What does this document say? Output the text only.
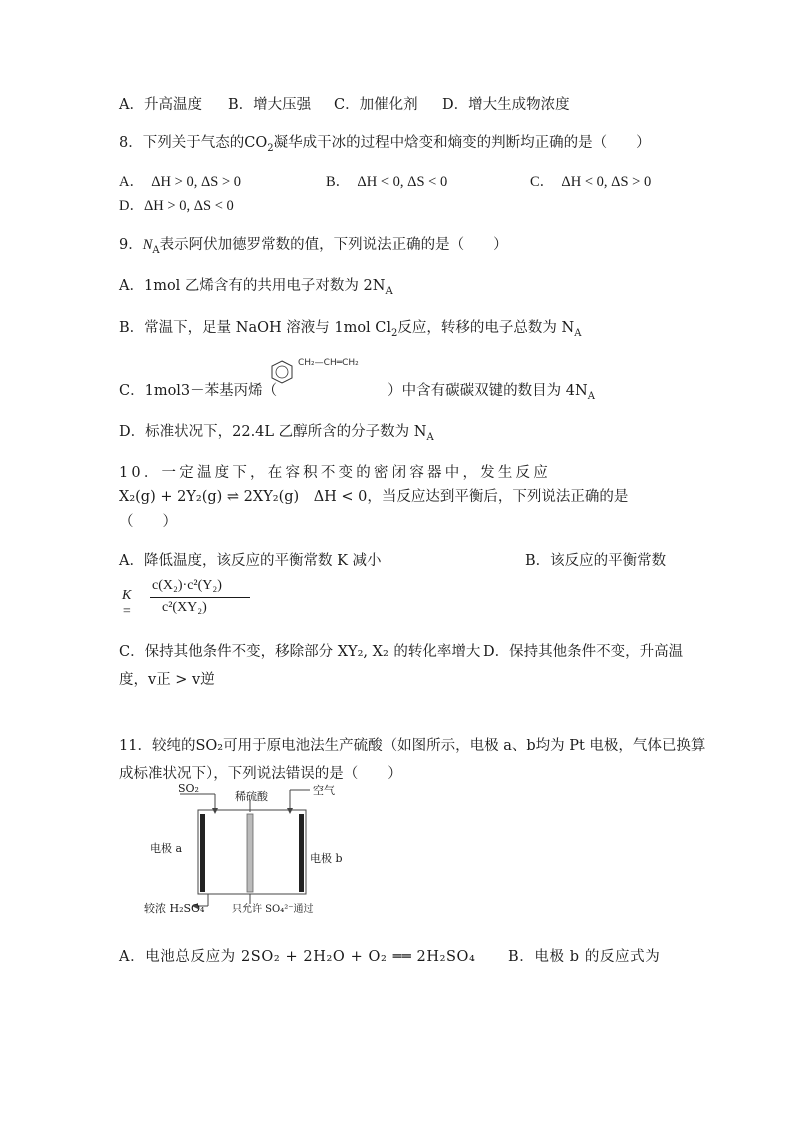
A．升高温度 B．增大压强 C．加催化剂 D．增大生成物浓度
8．下列关于气态的$CO_2$凝华成干冰的过程中焓变和熵变的判断均正确的是（　　）
A．　ΔH > 0, ΔS > 0	B．　ΔH < 0, ΔS < 0	C．　ΔH < 0, ΔS > 0
D．ΔH > 0, ΔS < 0
9．$N_A$表示阿伏加德罗常数的值，下列说法正确的是（　　）
A．1mol 乙烯含有的共用电子对数为 $2N_A$
B．常温下，足量 NaOH 溶液与 1mol $Cl_2$反应，转移的电子总数为 $N_A$
CH₂—CH═CH₂
C．1mol3－苯基丙烯（	）中含有碳碳双键的数目为 $4N_A$
D．标准状况下，22.4L 乙醇所含的分子数为 $N_A$
10．一定温度下，在容积不变的密闭容器中，发生反应
X₂(g) + 2Y₂(g) ⇌ 2XY₂(g)　ΔH < 0，当反应达到平衡后，下列说法正确的是
（　　）
A．降低温度，该反应的平衡常数 K 减小	B．该反应的平衡常数
K =
c(X₂)·c²(Y₂)
c²(XY₂)
C．保持其他条件不变，移除部分 XY₂, X₂ 的转化率增大 D．保持其他条件不变，升高温
度，v正 > v逆
11．较纯的SO₂可用于原电池法生产硫酸（如图所示，电极 a、b均为 Pt 电极，气体已换算
成标准状况下），下列说法错误的是（　　）
SO₂
稀硫酸	空气
电极 a
电极 b
较浓 H₂SO₄	只允许 SO₄²⁻通过
A．电池总反应为 2SO₂ + 2H₂O + O₂ ══ 2H₂SO₄ B．电极 b 的反应式为
